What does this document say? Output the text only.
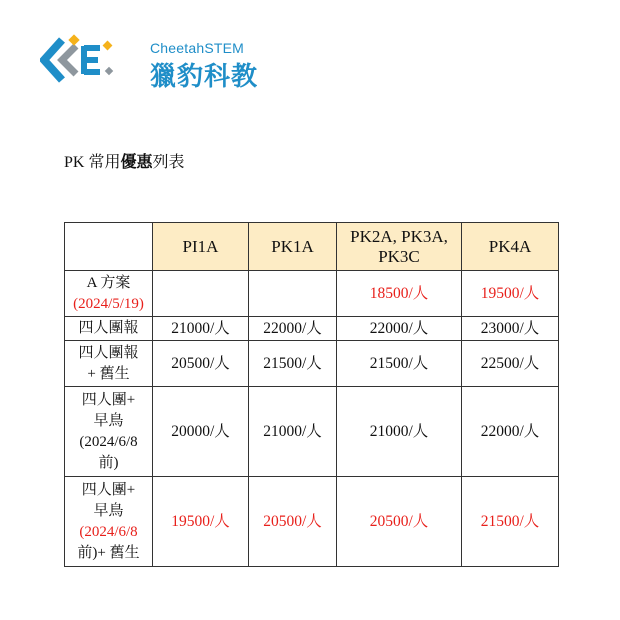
CheetahSTEM
獵豹科教
PK 常用優惠列表
	PI1A	PK1A	PK2A, PK3A, PK3C	PK4A

A 方案
(2024/5/19)			18500/人	19500/人

四人團報	21000/人	22000/人	22000/人	23000/人

四人團報
+ 舊生	20500/人	21500/人	21500/人	22500/人

四人團+
早鳥
(2024/6/8
前)	20000/人	21000/人	21000/人	22000/人

四人團+
早鳥
(2024/6/8
前)+ 舊生	19500/人	20500/人	20500/人	21500/人
